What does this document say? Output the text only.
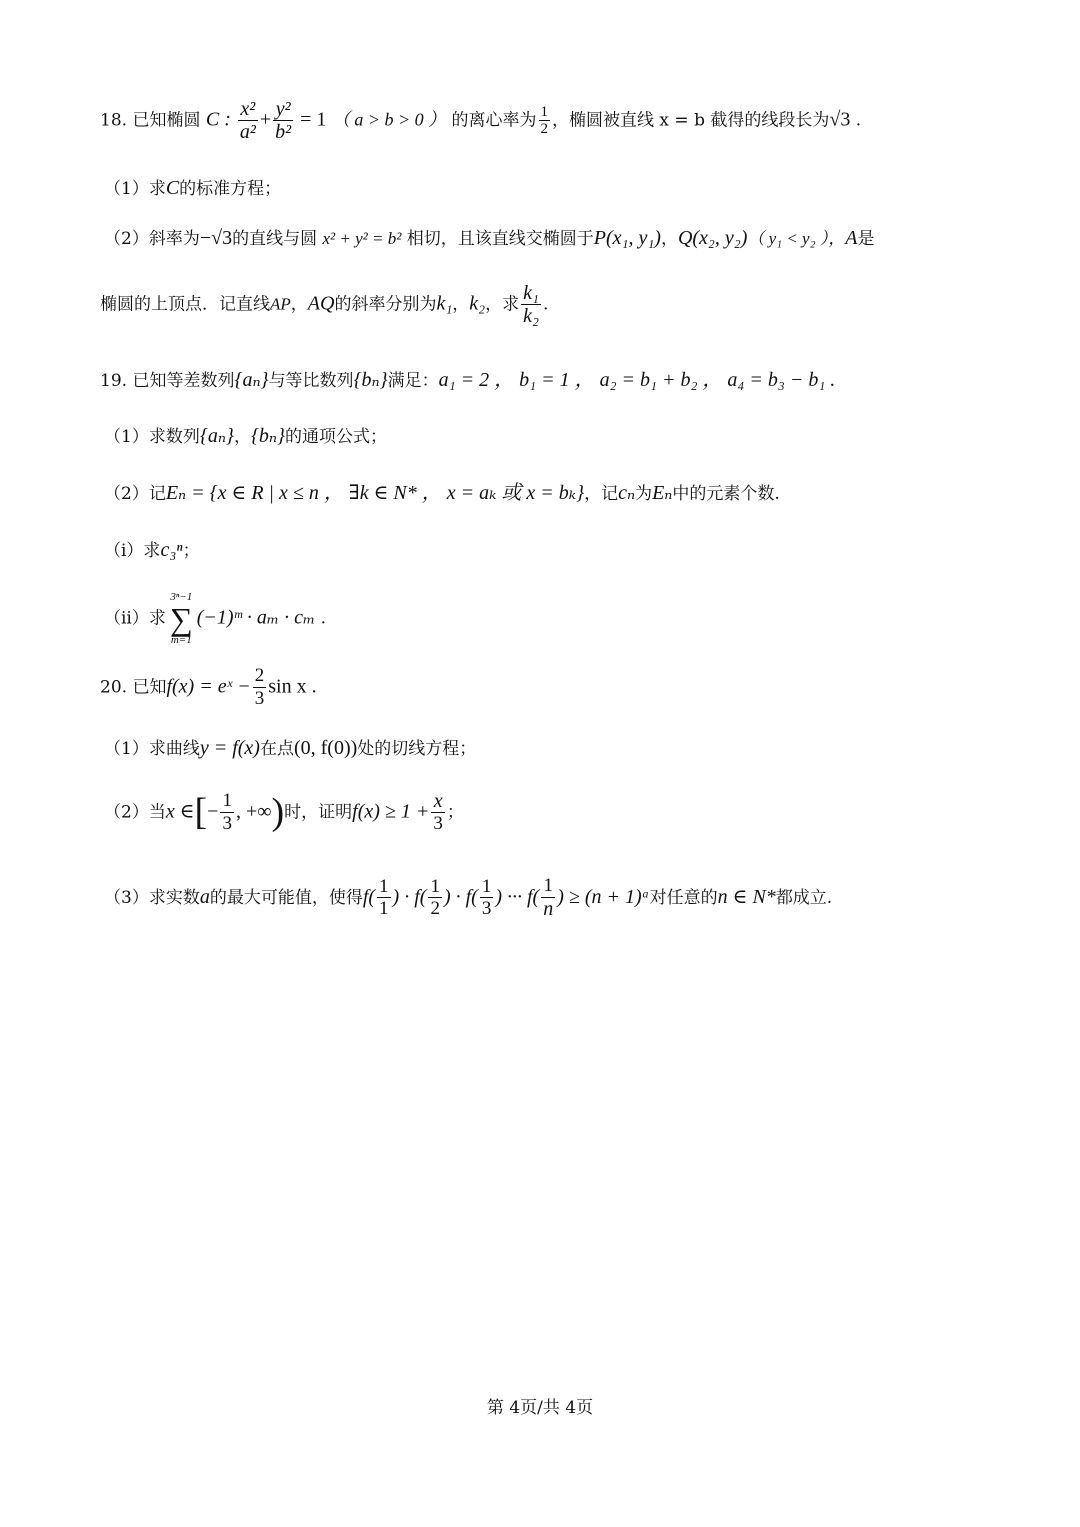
18. 已知椭圆 C : $\frac{\text{x²}}{\text{a²}} + \frac{\text{y²}}{\text{b²}} = 1$ （ a > b > 0 ） 的离心率为 $\frac{1}{2}$ ，椭圆被直线 x = b 截得的线段长为√3 .
（1）求C的标准方程；
（2）斜率为−√3的直线与圆 x² + y² = b² 相切，且该直线交椭圆于P(x₁, y₁)，Q(x₂, y₂)（ y₁ < y₂ ），A是
椭圆的上顶点．记直线AP，AQ的斜率分别为k₁，k₂，求 $\frac{\text{k₁}}{\text{k₂}}$ .
19. 已知等差数列{aₙ}与等比数列{bₙ}满足：a₁ = 2 ， b₁ = 1 ， a₂ = b₁ + b₂ ， a₄ = b₃ − b₁ .
（1）求数列{aₙ}，{bₙ}的通项公式；
（2）记Eₙ = {x ∈ R | x ≤ n ， ∃k ∈ N* ， x = aₖ 或 x = bₖ}，记cₙ为Eₙ中的元素个数.
（i）求c₃ⁿ；
（ii）求
3ⁿ−1
∑
m=1
(−1)ᵐ · aₘ · cₘ .
20. 已知f(x) = eˣ − $\frac{2}{3}$ sin x .
（1）求曲线y = f(x)在点(0, f(0))处的切线方程；
（2）当x ∈[− $\frac{1}{3}$ , +∞)时，证明$f(x) \ge 1 + \frac{x}{3}$ ；
（3）求实数a的最大可能值，使得$f( \frac{1}{1}$ ) · $f( \frac{1}{2}$ ) · $f( \frac{1}{3}$ ) ··· $f( \frac{1}{n}$ ) ≥ (n + 1)ᵃ对任意的n ∈ N*都成立.
第 4页/共 4页
